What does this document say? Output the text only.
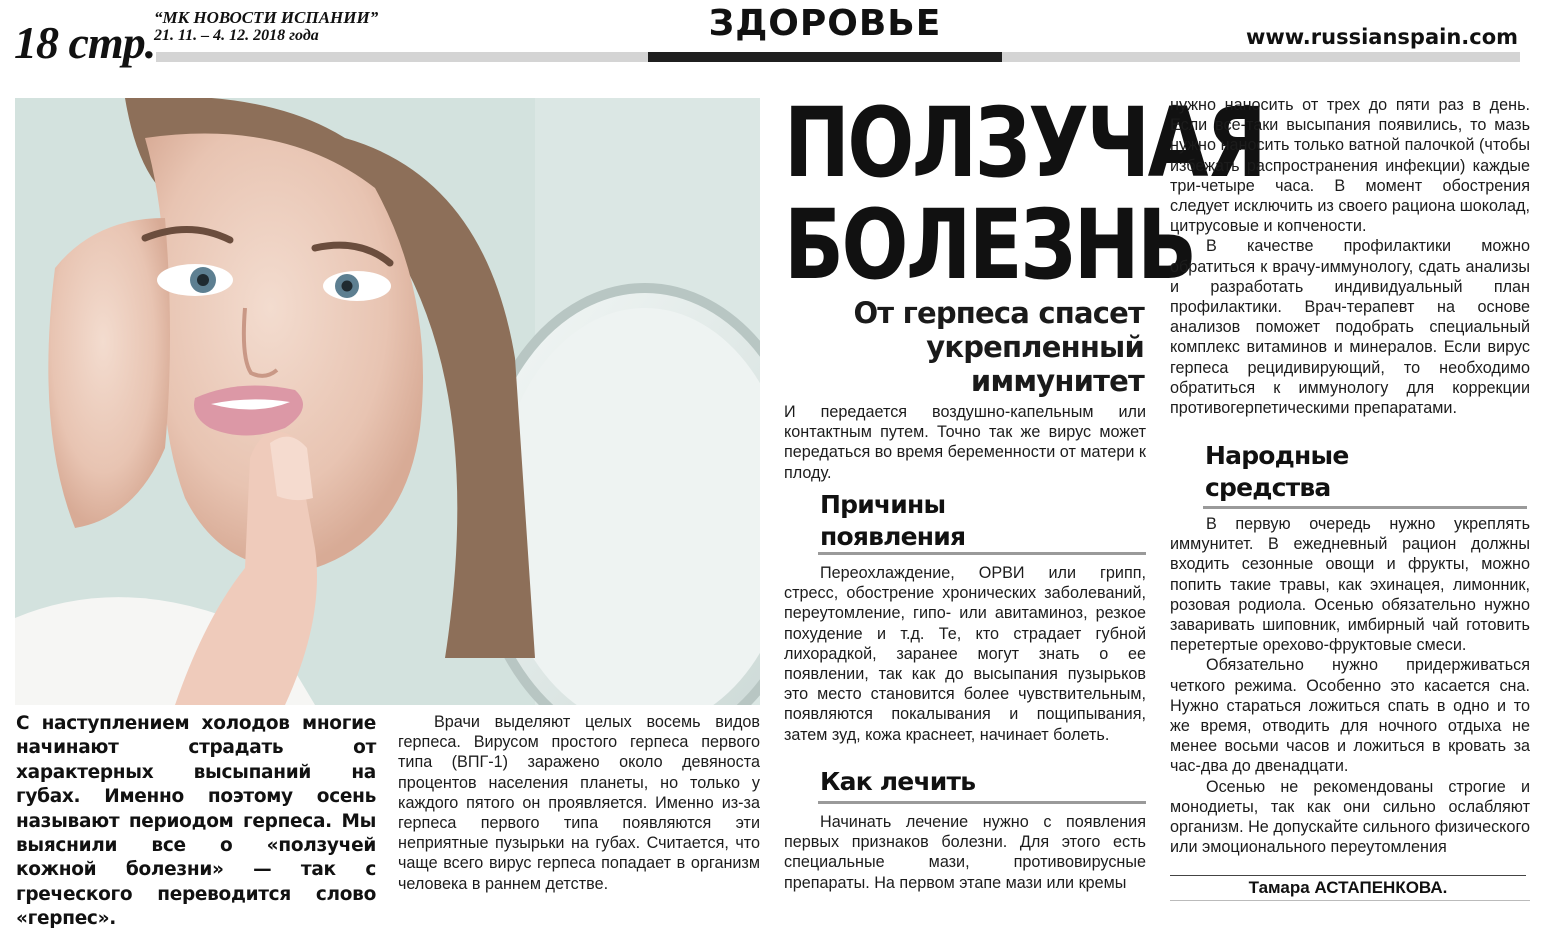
18 стр.
“МК НОВОСТИ ИСПАНИИ”
21. 11. – 4. 12. 2018 года	ЗДОРОВЬЕ	www.russianspain.com
С наступлением холодов многие начинают страдать от характерных высыпаний на губах. Именно поэтому осень называют периодом герпеса. Мы выяснили все о «ползучей кожной болезни» — так с греческого переводится слово «герпес».

Врачи выделяют целых восемь видов герпеса. Вирусом простого герпеса первого типа (ВПГ-1) заражено около девяноста процентов населения планеты, но только у каждого пятого он проявляется. Именно из-за герпеса первого типа появляются эти неприятные пузырьки на губах. Считается, что чаще всего вирус герпеса попадает в организм человека в раннем детстве.

ПОЛЗУЧАЯ
БОЛЕЗНЬ
От герпеса спасет
укрепленный
иммунитет

И передается воздушно-капельным или контактным путем. Точно так же вирус может передаться во время беременности от матери к плоду.

Причины
появления

Переохлаждение, ОРВИ или грипп, стресс, обострение хронических заболеваний, переутомление, гипо- или авитаминоз, резкое похудение и т.д. Те, кто страдает губной лихорадкой, заранее могут знать о ее появлении, так как до высыпания пузырьков это место становится более чувствительным, появляются покалывания и пощипывания, затем зуд, кожа краснеет, начинает болеть.

Как лечить

Начинать лечение нужно с появления первых признаков болезни. Для этого есть специальные мази, противовирусные препараты. На первом этапе мази или кремы

нужно наносить от трех до пяти раз в день. Если все-таки высыпания появились, то мазь нужно наносить только ватной палочкой (чтобы избежать распространения инфекции) каждые три-четыре часа. В момент обострения следует исключить из своего рациона шоколад, цитрусовые и копчености.

В качестве профилактики можно обратиться к врачу-иммунологу, сдать анализы и разработать индивидуальный план профилактики. Врач-терапевт на основе анализов поможет подобрать специальный комплекс витаминов и минералов. Если вирус герпеса рецидивирующий, то необходимо обратиться к иммунологу для коррекции противогерпетическими препаратами.

Народные
средства

В первую очередь нужно укреплять иммунитет. В ежедневный рацион должны входить сезонные овощи и фрукты, можно попить такие травы, как эхинацея, лимонник, розовая родиола. Осенью обязательно нужно заваривать шиповник, имбирный чай готовить перетертые орехово-фруктовые смеси.

Обязательно нужно придерживаться четкого режима. Особенно это касается сна. Нужно стараться ложиться спать в одно и то же время, отводить для ночного отдыха не менее восьми часов и ложиться в кровать за час-два до двенадцати.

Осенью не рекомендованы строгие и монодиеты, так как они сильно ослабляют организм. Не допускайте сильного физического или эмоционального переутомления

Тамара АСТАПЕНКОВА.
